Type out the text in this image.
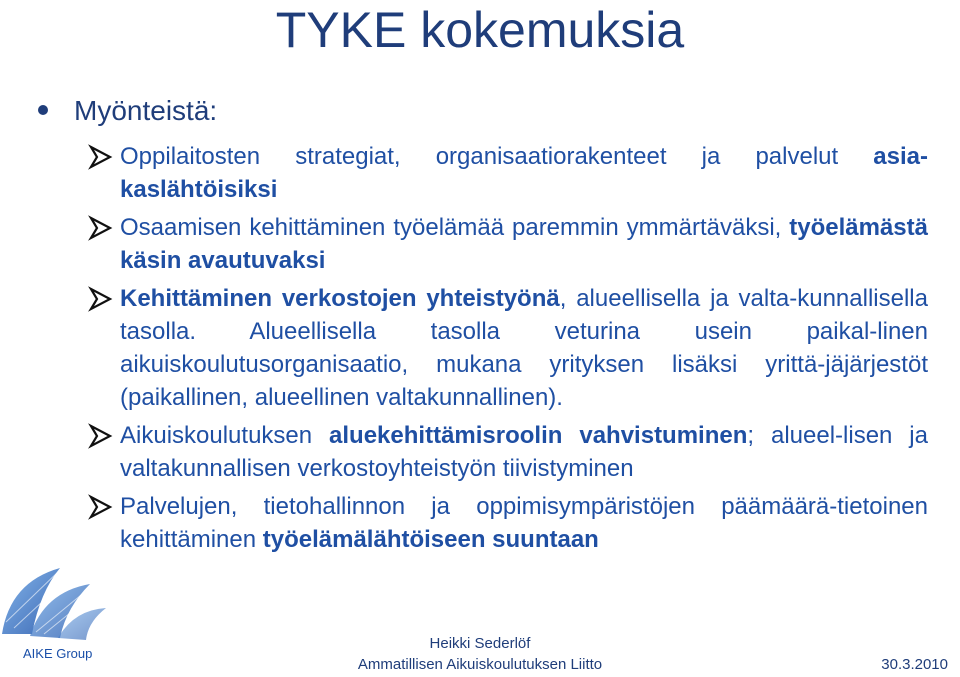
TYKE kokemuksia
Myönteistä:
Oppilaitosten strategiat, organisaatiorakenteet ja palvelut asia-kaslähtöisiksi
Osaamisen kehittäminen työelämää paremmin ymmärtäväksi, työelämästä käsin avautuvaksi
Kehittäminen verkostojen yhteistyönä, alueellisella ja valta-kunnallisella tasolla. Alueellisella tasolla veturina usein paikal-linen aikuiskoulutusorganisaatio, mukana yrityksen lisäksi yrittä-jäjärjestöt (paikallinen, alueellinen valtakunnallinen).
Aikuiskoulutuksen aluekehittämisroolin vahvistuminen; alueel-lisen ja valtakunnallisen verkostoyhteistyön tiivistyminen
Palvelujen, tietohallinnon ja oppimisympäristöjen päämäärä-tietoinen kehittäminen työelämälähtöiseen suuntaan
AIKE Group
Heikki Sederlöf
Ammatillisen Aikuiskoulutuksen Liitto	30.3.2010
